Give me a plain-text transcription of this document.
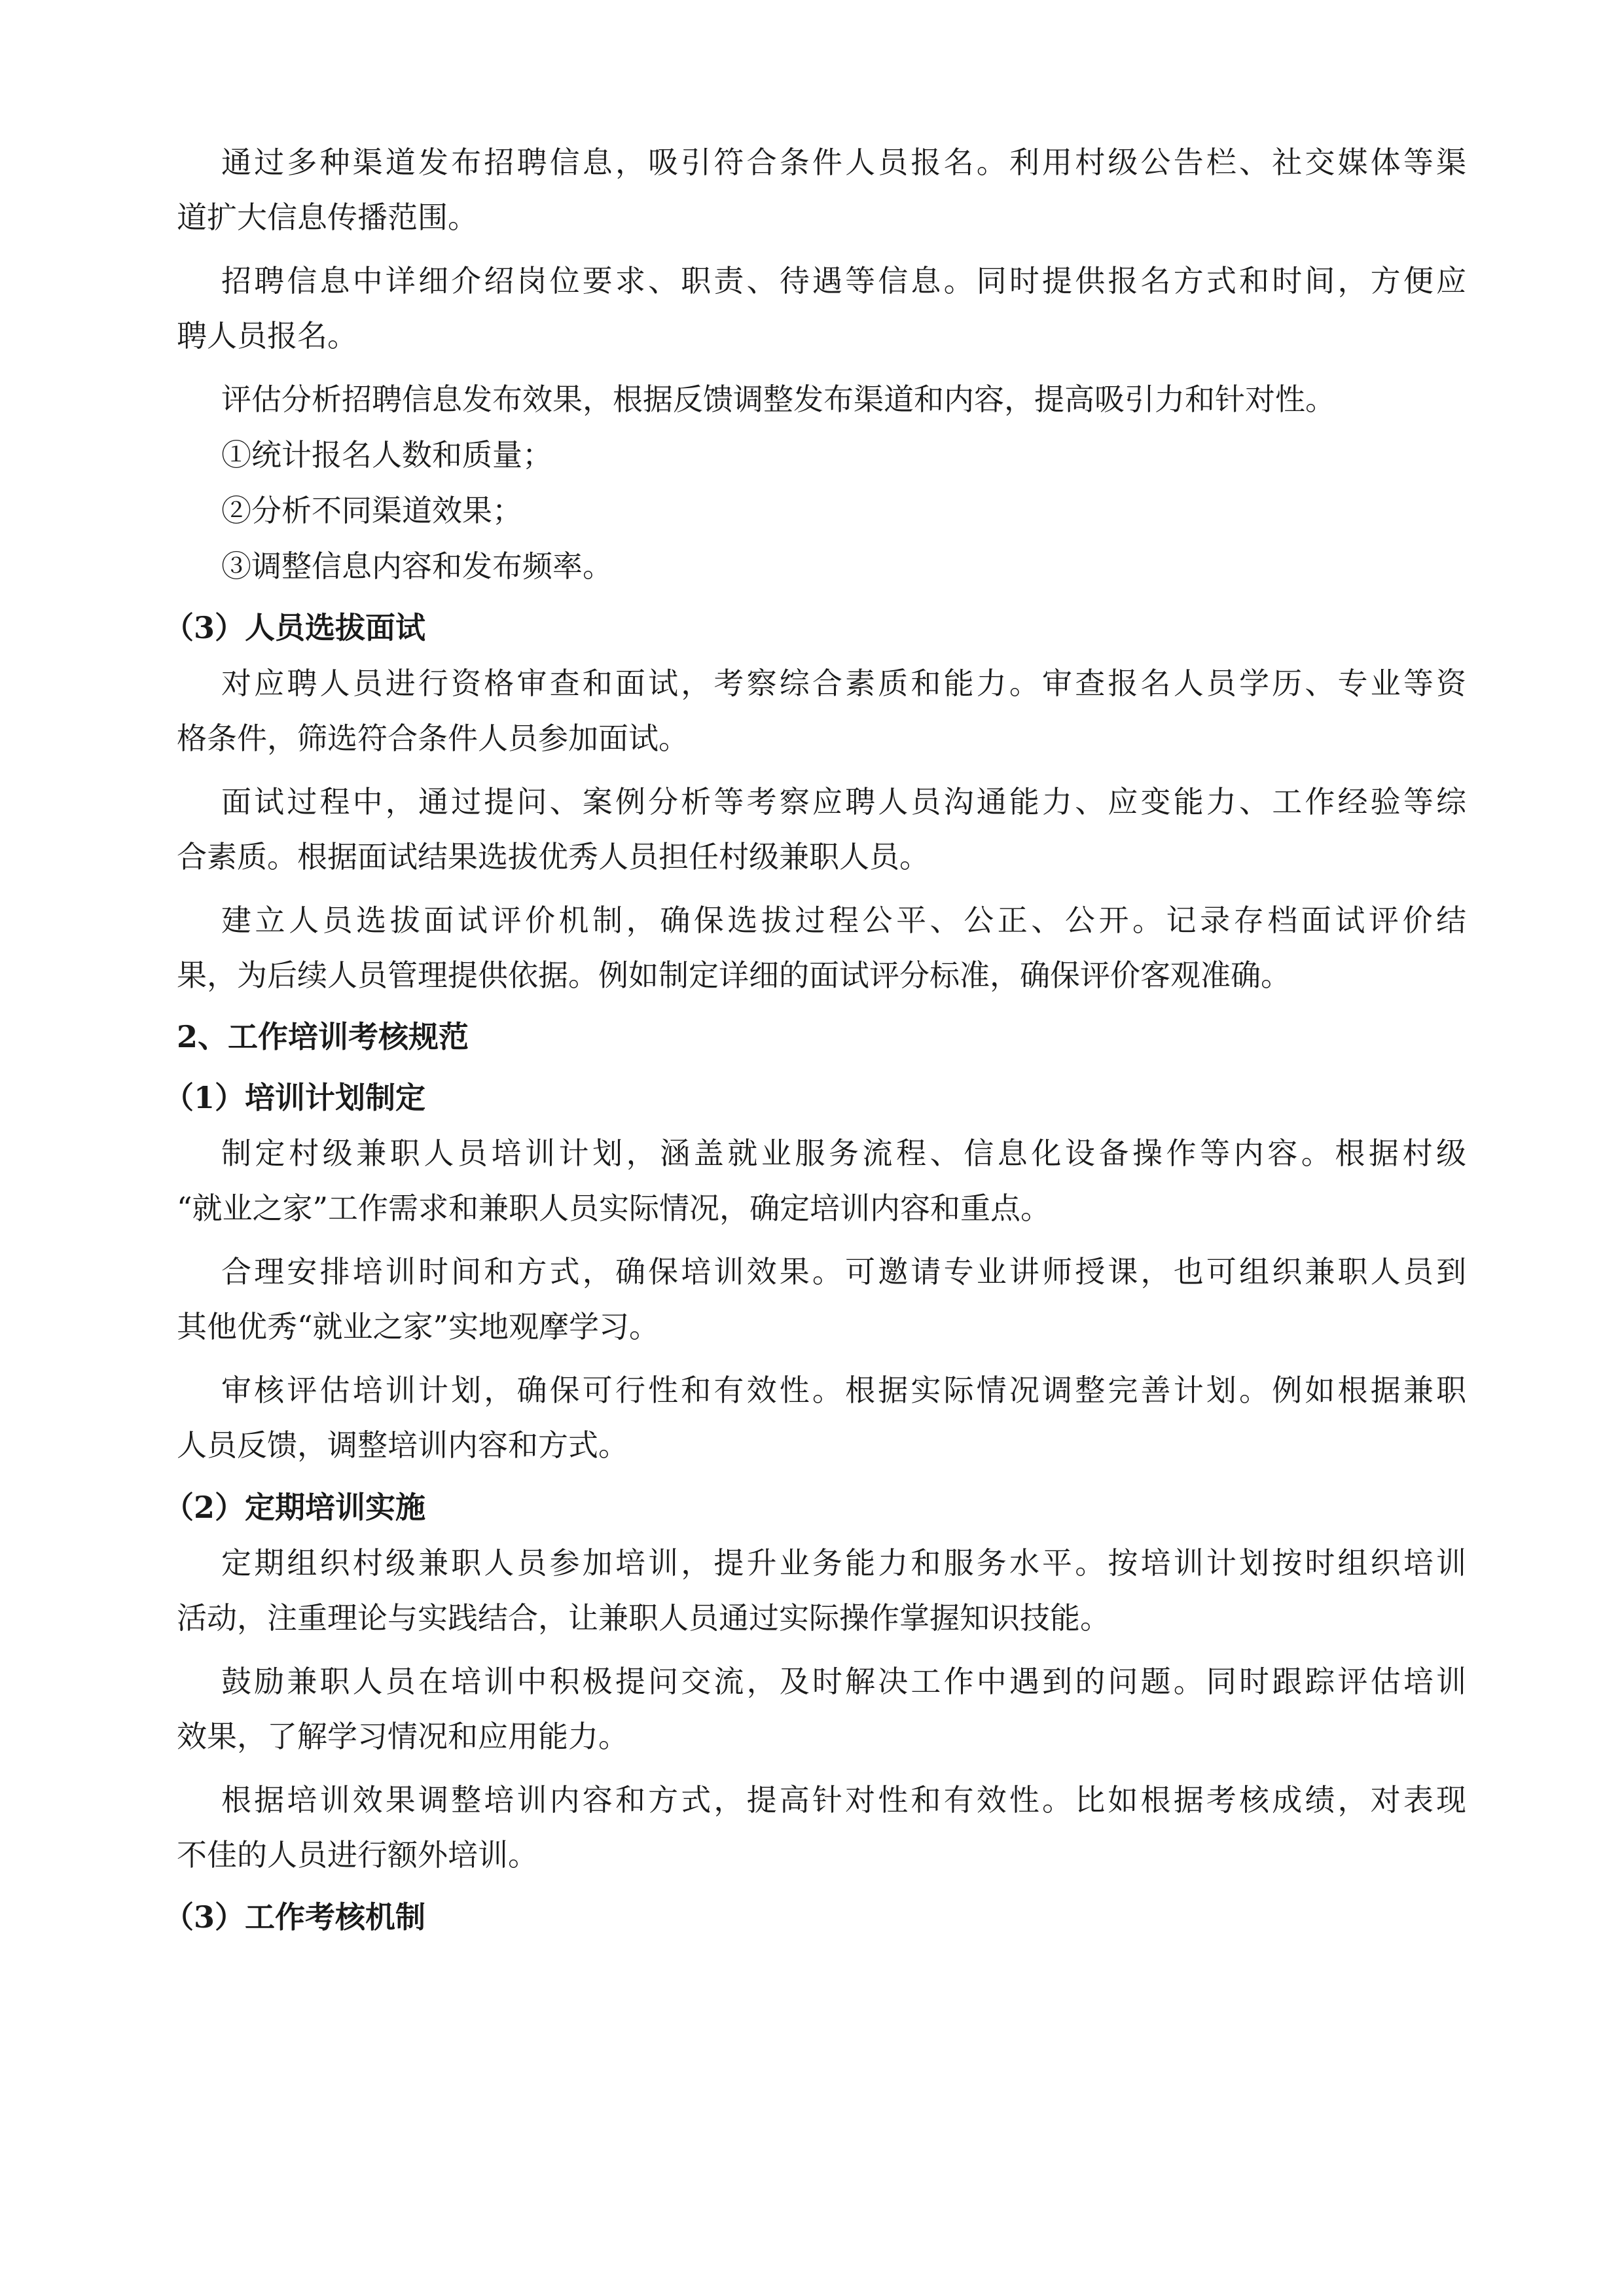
通过多种渠道发布招聘信息，吸引符合条件人员报名。利用村级公告栏、社交媒体等渠
道扩大信息传播范围。
招聘信息中详细介绍岗位要求、职责、待遇等信息。同时提供报名方式和时间，方便应
聘人员报名。
评估分析招聘信息发布效果，根据反馈调整发布渠道和内容，提高吸引力和针对性。
①统计报名人数和质量；
②分析不同渠道效果；
③调整信息内容和发布频率。
（3）人员选拔面试
对应聘人员进行资格审查和面试，考察综合素质和能力。审查报名人员学历、专业等资
格条件，筛选符合条件人员参加面试。
面试过程中，通过提问、案例分析等考察应聘人员沟通能力、应变能力、工作经验等综
合素质。根据面试结果选拔优秀人员担任村级兼职人员。
建立人员选拔面试评价机制，确保选拔过程公平、公正、公开。记录存档面试评价结
果，为后续人员管理提供依据。例如制定详细的面试评分标准，确保评价客观准确。
2、工作培训考核规范
（1）培训计划制定
制定村级兼职人员培训计划，涵盖就业服务流程、信息化设备操作等内容。根据村级
“就业之家”工作需求和兼职人员实际情况，确定培训内容和重点。
合理安排培训时间和方式，确保培训效果。可邀请专业讲师授课，也可组织兼职人员到
其他优秀“就业之家”实地观摩学习。
审核评估培训计划，确保可行性和有效性。根据实际情况调整完善计划。例如根据兼职
人员反馈，调整培训内容和方式。
（2）定期培训实施
定期组织村级兼职人员参加培训，提升业务能力和服务水平。按培训计划按时组织培训
活动，注重理论与实践结合，让兼职人员通过实际操作掌握知识技能。
鼓励兼职人员在培训中积极提问交流，及时解决工作中遇到的问题。同时跟踪评估培训
效果，了解学习情况和应用能力。
根据培训效果调整培训内容和方式，提高针对性和有效性。比如根据考核成绩，对表现
不佳的人员进行额外培训。
（3）工作考核机制
